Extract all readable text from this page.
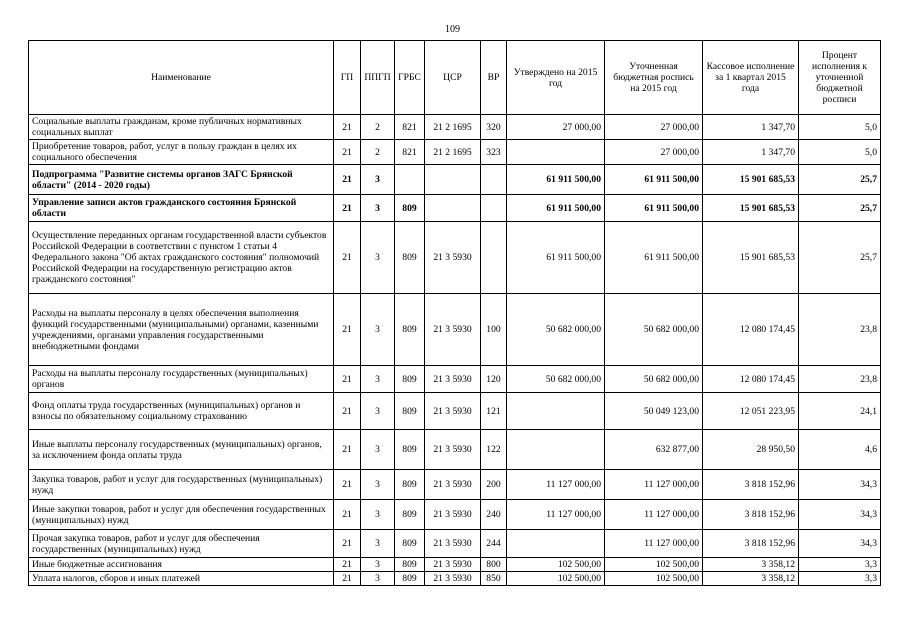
109
Наименование	ГП	ППГП	ГРБС	ЦСР	ВР	Утверждено на 2015 год	Уточненная бюджетная роспись на 2015 год	Кассовое исполнение за 1 квартал 2015 года	Процент исполнения к уточненной бюджетной росписи
Социальные выплаты гражданам, кроме публичных нормативных социальных выплат	21	2	821	21 2 1695	320	27 000,00	27 000,00	1 347,70	5,0
Приобретение товаров, работ, услуг в пользу граждан в целях их социального обеспечения	21	2	821	21 2 1695	323		27 000,00	1 347,70	5,0
Подпрограмма "Развитие системы органов ЗАГС Брянской области" (2014 - 2020 годы)	21	3				61 911 500,00	61 911 500,00	15 901 685,53	25,7
Управление записи актов гражданского состояния Брянской области	21	3	809			61 911 500,00	61 911 500,00	15 901 685,53	25,7
Осуществление переданных органам государственной власти субъектов Российской Федерации в соответствии с пунктом 1 статьи 4 Федерального закона "Об актах гражданского состояния" полномочий Российской Федерации на государственную регистрацию актов гражданского состояния"	21	3	809	21 3 5930		61 911 500,00	61 911 500,00	15 901 685,53	25,7
Расходы на выплаты персоналу в целях обеспечения выполнения функций государственными (муниципальными) органами, казенными учреждениями, органами управления государственными внебюджетными фондами	21	3	809	21 3 5930	100	50 682 000,00	50 682 000,00	12 080 174,45	23,8
Расходы на выплаты персоналу государственных (муниципальных) органов	21	3	809	21 3 5930	120	50 682 000,00	50 682 000,00	12 080 174,45	23,8
Фонд оплаты труда государственных (муниципальных) органов и взносы по обязательному социальному страхованию	21	3	809	21 3 5930	121		50 049 123,00	12 051 223,95	24,1
Иные выплаты персоналу государственных (муниципальных) органов, за исключением фонда оплаты труда	21	3	809	21 3 5930	122		632 877,00	28 950,50	4,6
Закупка товаров, работ и услуг для государственных (муниципальных) нужд	21	3	809	21 3 5930	200	11 127 000,00	11 127 000,00	3 818 152,96	34,3
Иные закупки товаров, работ и услуг для обеспечения государственных (муниципальных) нужд	21	3	809	21 3 5930	240	11 127 000,00	11 127 000,00	3 818 152,96	34,3
Прочая закупка товаров, работ и услуг для обеспечения государственных (муниципальных) нужд	21	3	809	21 3 5930	244		11 127 000,00	3 818 152,96	34,3
Иные бюджетные ассигнования	21	3	809	21 3 5930	800	102 500,00	102 500,00	3 358,12	3,3
Уплата налогов, сборов и иных платежей	21	3	809	21 3 5930	850	102 500,00	102 500,00	3 358,12	3,3
